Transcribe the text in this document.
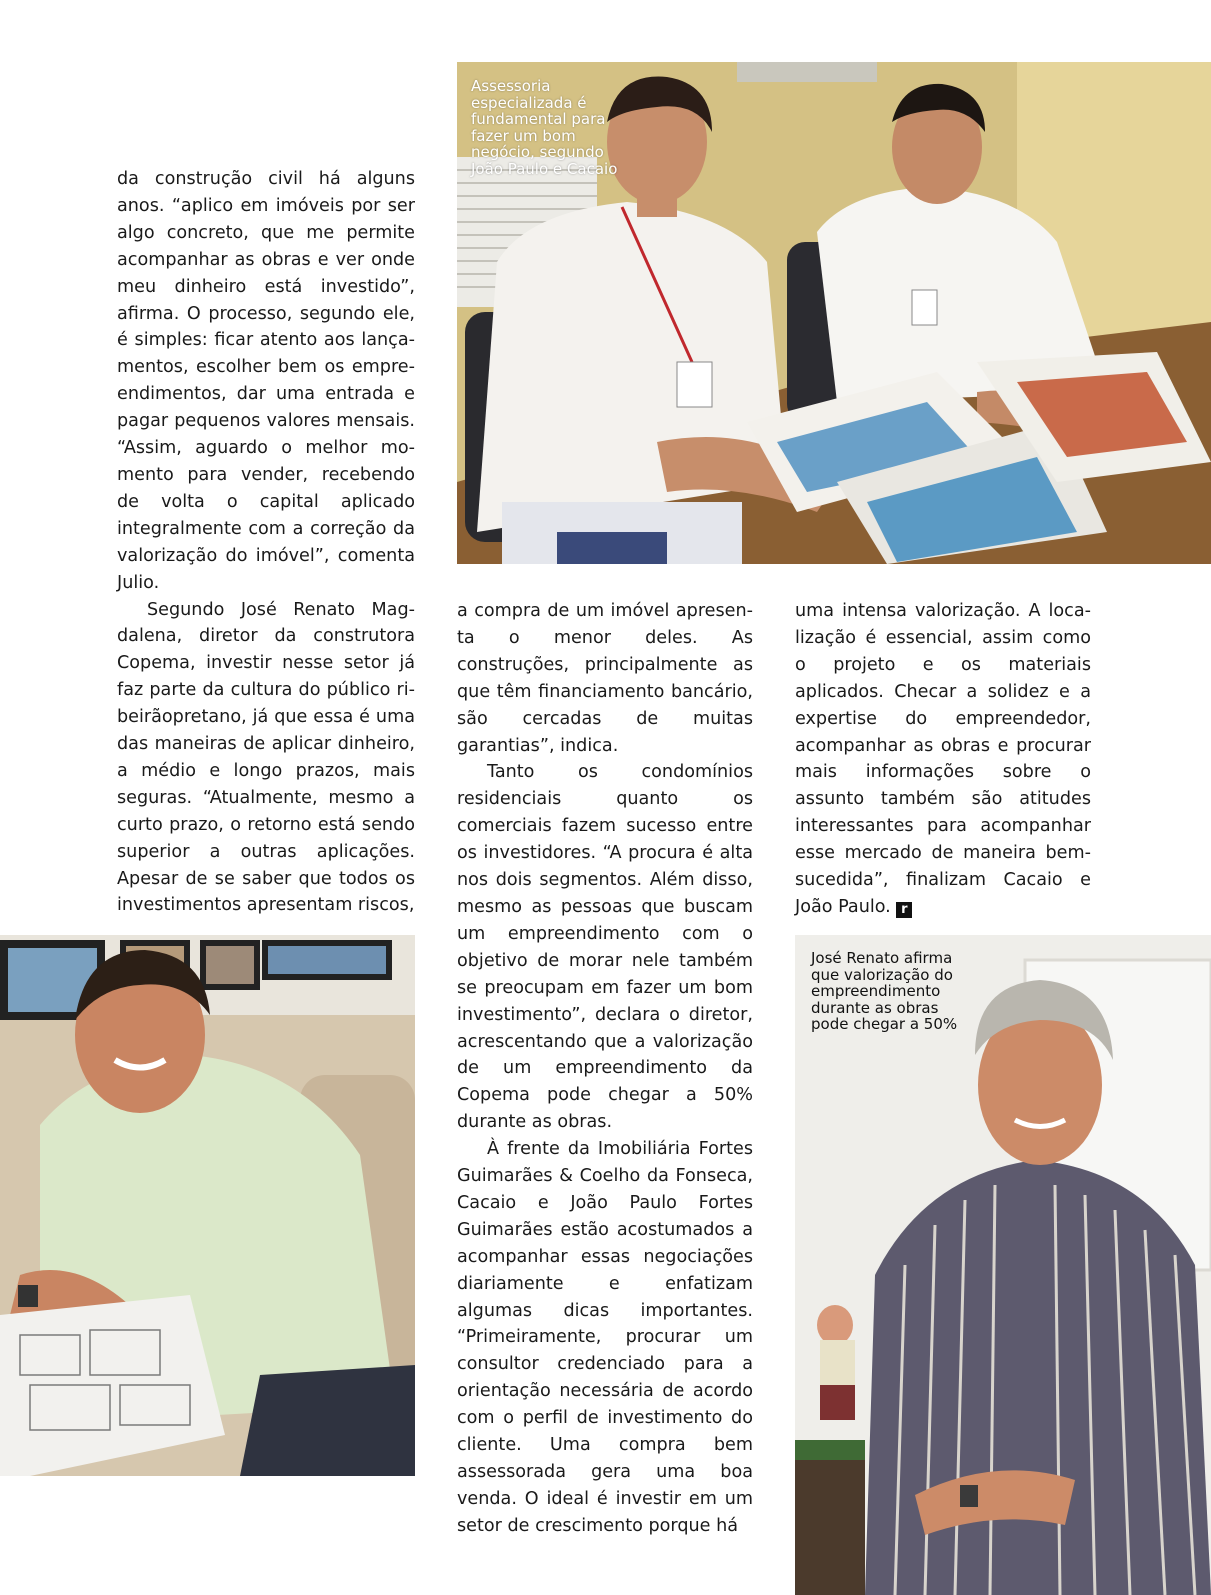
Assessoria especializada é fundamental para fazer um bom negócio, segundo João Paulo e Cacaio

José Renato afirma que valorização do empreendimento durante as obras pode chegar a 50%

da construção civil há alguns anos. “aplico em imóveis por ser algo concreto, que me permite acompanhar as obras e ver onde meu dinheiro está investido”, afirma. O processo, segundo ele, é simples: ficar atento aos lançamentos, escolher bem os empreendimentos, dar uma entrada e pagar pequenos valores mensais. “Assim, aguardo o melhor momento para vender, recebendo de volta o capital aplicado integralmente com a correção da valorização do imóvel”, comenta Julio.

Segundo José Renato Magdalena, diretor da construtora Copema, investir nesse setor já faz parte da cultura do público ribeirãopretano, já que essa é uma das maneiras de aplicar dinheiro, a médio e longo prazos, mais seguras. “Atualmente, mesmo a curto prazo, o retorno está sendo superior a outras aplicações. Apesar de se saber que todos os investimentos apresentam riscos,

a compra de um imóvel apresenta o menor deles. As construções, principalmente as que têm financiamento bancário, são cercadas de muitas garantias”, indica.

Tanto os condomínios residenciais quanto os comerciais fazem sucesso entre os investidores. “A procura é alta nos dois segmentos. Além disso, mesmo as pessoas que buscam um empreendimento com o objetivo de morar nele também se preocupam em fazer um bom investimento”, declara o diretor, acrescentando que a valorização de um empreendimento da Copema pode chegar a 50% durante as obras.

À frente da Imobiliária Fortes Guimarães & Coelho da Fonseca, Cacaio e João Paulo Fortes Guimarães estão acostumados a acompanhar essas negociações diariamente e enfatizam algumas dicas importantes. “Primeiramente, procurar um consultor credenciado para a orientação necessária de acordo com o perfil de investimento do cliente. Uma compra bem assessorada gera uma boa venda. O ideal é investir em um setor de crescimento porque há

uma intensa valorização. A localização é essencial, assim como o projeto e os materiais aplicados. Checar a solidez e a expertise do empreendedor, acompanhar as obras e procurar mais informações sobre o assunto também são atitudes interessantes para acompanhar esse mercado de maneira bem-sucedida”, finalizam Cacaio e João Paulo. r
